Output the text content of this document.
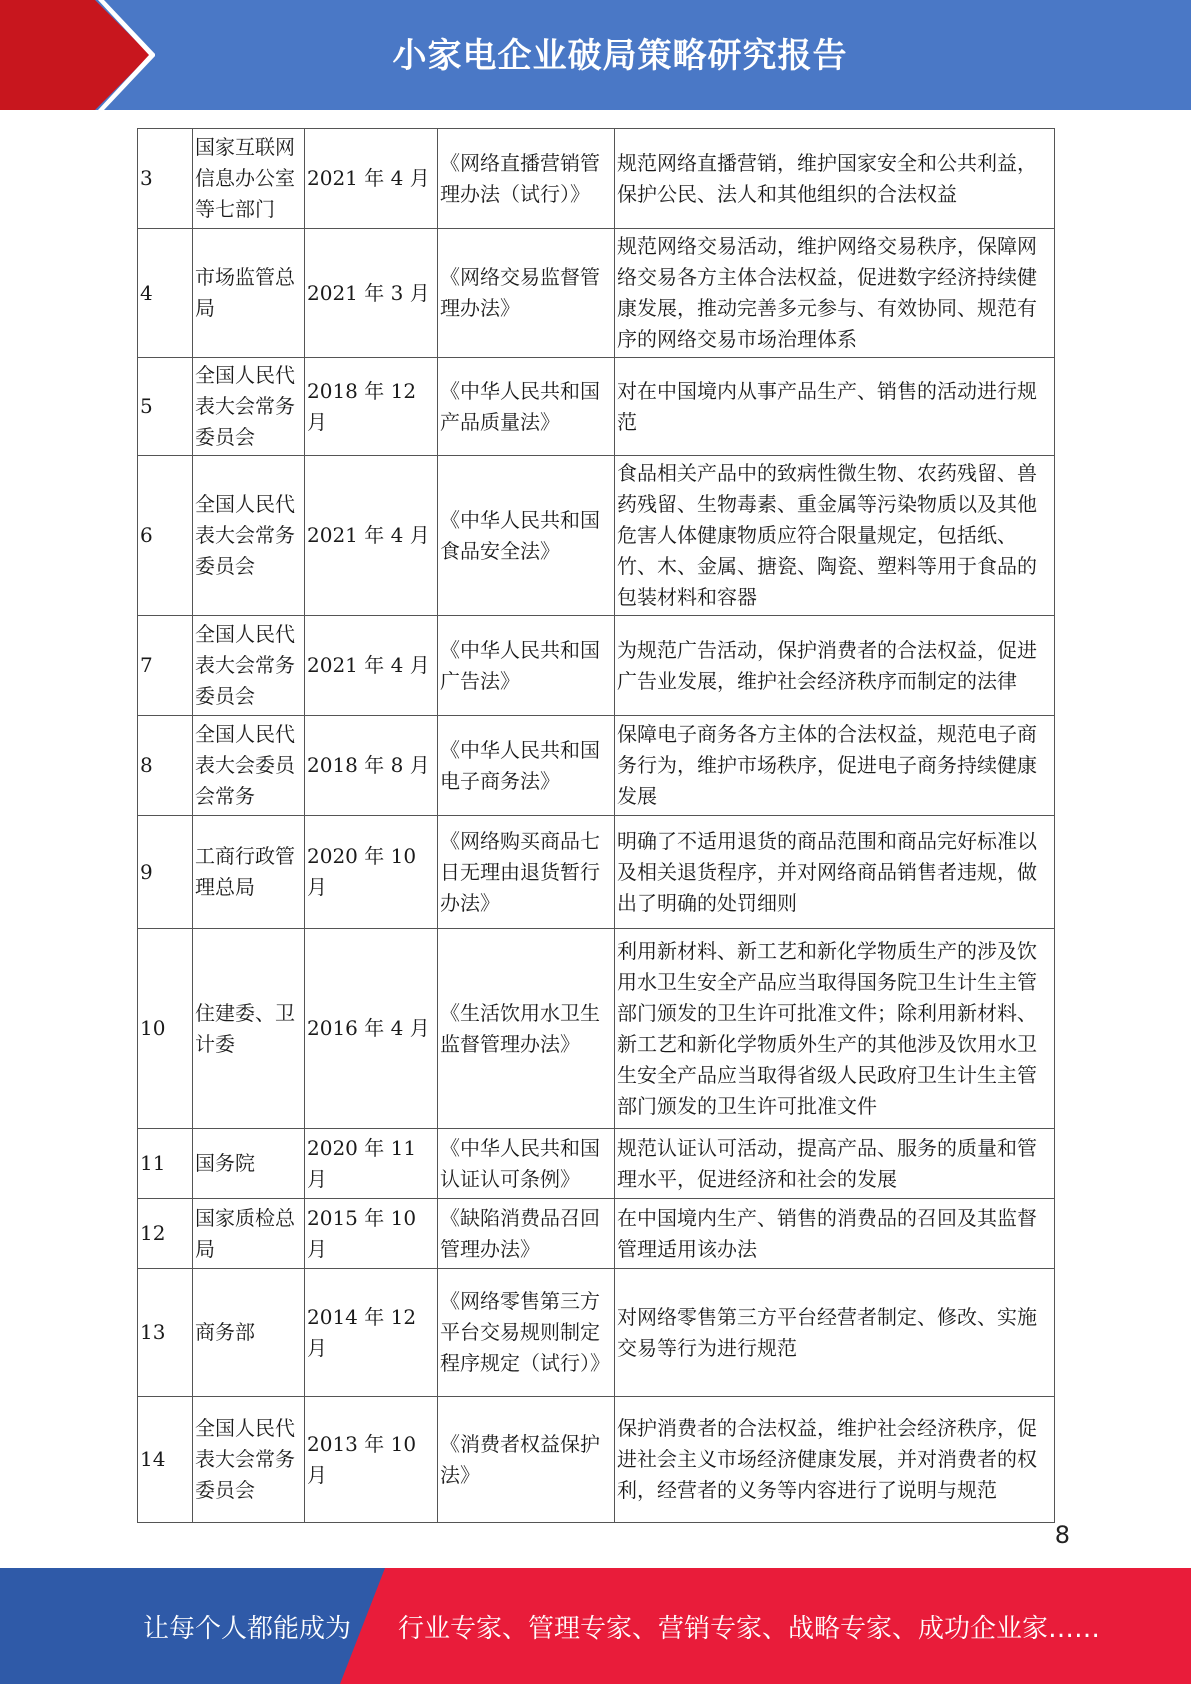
小家电企业破局策略研究报告
3	国家互联网信息办公室等七部门	2021 年 4 月	《网络直播营销管理办法（试行）》	规范网络直播营销，维护国家安全和公共利益，保护公民、法人和其他组织的合法权益
4	市场监管总局	2021 年 3 月	《网络交易监督管理办法》	规范网络交易活动，维护网络交易秩序，保障网络交易各方主体合法权益，促进数字经济持续健康发展，推动完善多元参与、有效协同、规范有序的网络交易市场治理体系
5	全国人民代表大会常务委员会	2018 年 12 月	《中华人民共和国产品质量法》	对在中国境内从事产品生产、销售的活动进行规范
6	全国人民代表大会常务委员会	2021 年 4 月	《中华人民共和国食品安全法》	食品相关产品中的致病性微生物、农药残留、兽药残留、生物毒素、重金属等污染物质以及其他危害人体健康物质应符合限量规定，包括纸、竹、木、金属、搪瓷、陶瓷、塑料等用于食品的包装材料和容器
7	全国人民代表大会常务委员会	2021 年 4 月	《中华人民共和国广告法》	为规范广告活动，保护消费者的合法权益，促进广告业发展，维护社会经济秩序而制定的法律
8	全国人民代表大会委员会常务	2018 年 8 月	《中华人民共和国电子商务法》	保障电子商务各方主体的合法权益，规范电子商务行为，维护市场秩序，促进电子商务持续健康发展
9	工商行政管理总局	2020 年 10 月	《网络购买商品七日无理由退货暂行办法》	明确了不适用退货的商品范围和商品完好标准以及相关退货程序，并对网络商品销售者违规，做出了明确的处罚细则
10	住建委、卫计委	2016 年 4 月	《生活饮用水卫生监督管理办法》	利用新材料、新工艺和新化学物质生产的涉及饮用水卫生安全产品应当取得国务院卫生计生主管部门颁发的卫生许可批准文件；除利用新材料、新工艺和新化学物质外生产的其他涉及饮用水卫生安全产品应当取得省级人民政府卫生计生主管部门颁发的卫生许可批准文件
11	国务院	2020 年 11 月	《中华人民共和国认证认可条例》	规范认证认可活动，提高产品、服务的质量和管理水平，促进经济和社会的发展
12	国家质检总局	2015 年 10 月	《缺陷消费品召回管理办法》	在中国境内生产、销售的消费品的召回及其监督管理适用该办法
13	商务部	2014 年 12 月	《网络零售第三方平台交易规则制定程序规定（试行）》	对网络零售第三方平台经营者制定、修改、实施交易等行为进行规范
14	全国人民代表大会常务委员会	2013 年 10 月	《消费者权益保护法》	保护消费者的合法权益，维护社会经济秩序，促进社会主义市场经济健康发展，并对消费者的权利，经营者的义务等内容进行了说明与规范
8
让每个人都能成为 行业专家、管理专家、营销专家、战略专家、成功企业家……
